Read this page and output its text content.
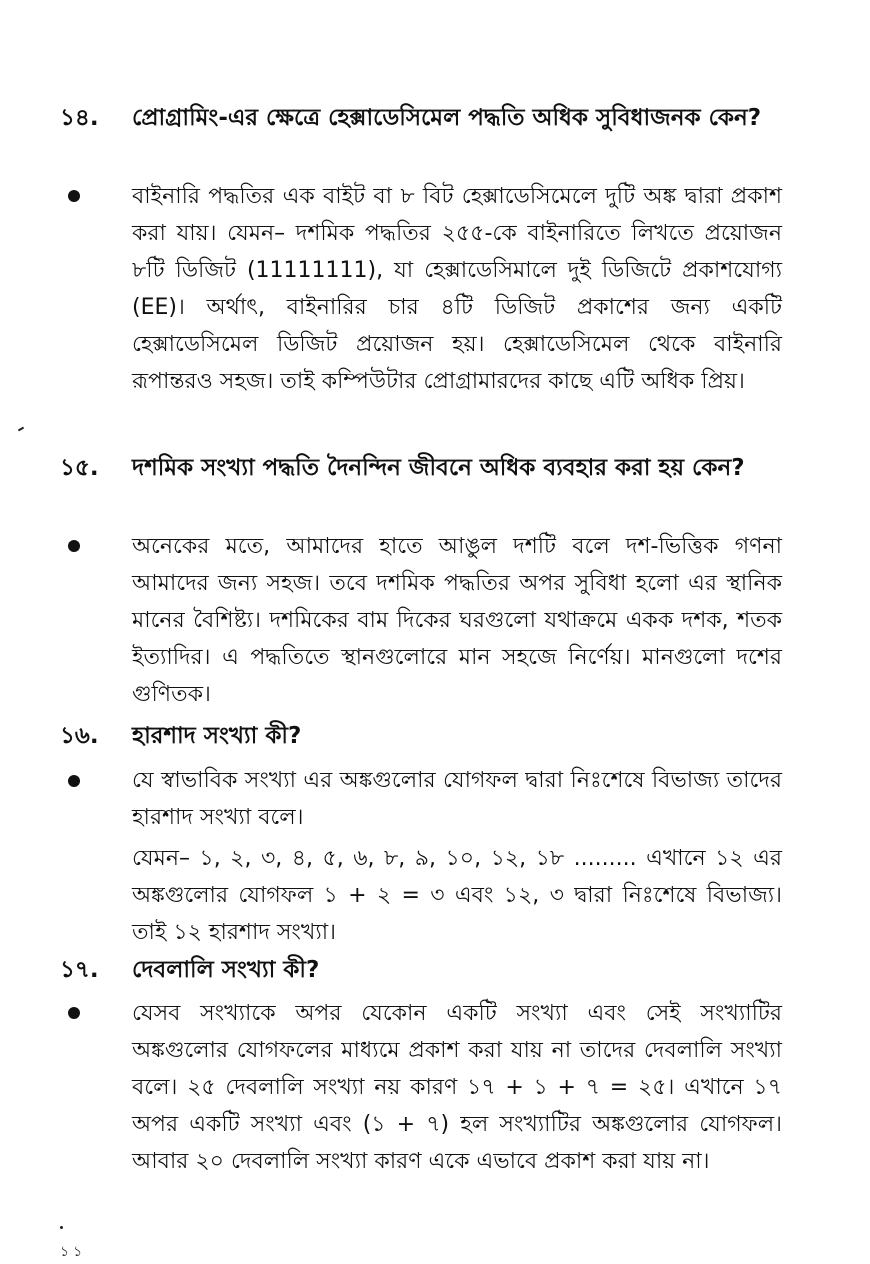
১৪. প্রোগ্রামিং-এর ক্ষেত্রে হেক্সাডেসিমেল পদ্ধতি অধিক সুবিধাজনক কেন?
বাইনারি পদ্ধতির এক বাইট বা ৮ বিট হেক্সাডেসিমেলে দুটি অঙ্ক দ্বারা প্রকাশ করা যায়। যেমন– দশমিক পদ্ধতির ২৫৫-কে বাইনারিতে লিখতে প্রয়োজন ৮টি ডিজিট (11111111), যা হেক্সাডেসিমালে দুই ডিজিটে প্রকাশযোগ্য (EE)। অর্থাৎ, বাইনারির চার ৪টি ডিজিট প্রকাশের জন্য একটি হেক্সাডেসিমেল ডিজিট প্রয়োজন হয়। হেক্সাডেসিমেল থেকে বাইনারি রূপান্তরও সহজ। তাই কম্পিউটার প্রোগ্রামারদের কাছে এটি অধিক প্রিয়।
১৫. দশমিক সংখ্যা পদ্ধতি দৈনন্দিন জীবনে অধিক ব্যবহার করা হয় কেন?
অনেকের মতে, আমাদের হাতে আঙুল দশটি বলে দশ-ভিত্তিক গণনা আমাদের জন্য সহজ। তবে দশমিক পদ্ধতির অপর সুবিধা হলো এর স্থানিক মানের বৈশিষ্ট্য। দশমিকের বাম দিকের ঘরগুলো যথাক্রমে একক দশক, শতক ইত্যাদির। এ পদ্ধতিতে স্থানগুলোরে মান সহজে নির্ণেয়। মানগুলো দশের গুণিতক।
১৬. হারশাদ সংখ্যা কী?
যে স্বাভাবিক সংখ্যা এর অঙ্কগুলোর যোগফল দ্বারা নিঃশেষে বিভাজ্য তাদের হারশাদ সংখ্যা বলে।
যেমন– ১, ২, ৩, ৪, ৫, ৬, ৮, ৯, ১০, ১২, ১৮ ......... এখানে ১২ এর অঙ্কগুলোর যোগফল ১ + ২ = ৩ এবং ১২, ৩ দ্বারা নিঃশেষে বিভাজ্য। তাই ১২ হারশাদ সংখ্যা।
১৭. দেবলালি সংখ্যা কী?
যেসব সংখ্যাকে অপর যেকোন একটি সংখ্যা এবং সেই সংখ্যাটির অঙ্কগুলোর যোগফলের মাধ্যমে প্রকাশ করা যায় না তাদের দেবলালি সংখ্যা বলে। ২৫ দেবলালি সংখ্যা নয় কারণ ১৭ + ১ + ৭ = ২৫। এখানে ১৭ অপর একটি সংখ্যা এবং (১ + ৭) হল সংখ্যাটির অঙ্কগুলোর যোগফল। আবার ২০ দেবলালি সংখ্যা কারণ একে এভাবে প্রকাশ করা যায় না।
১১
